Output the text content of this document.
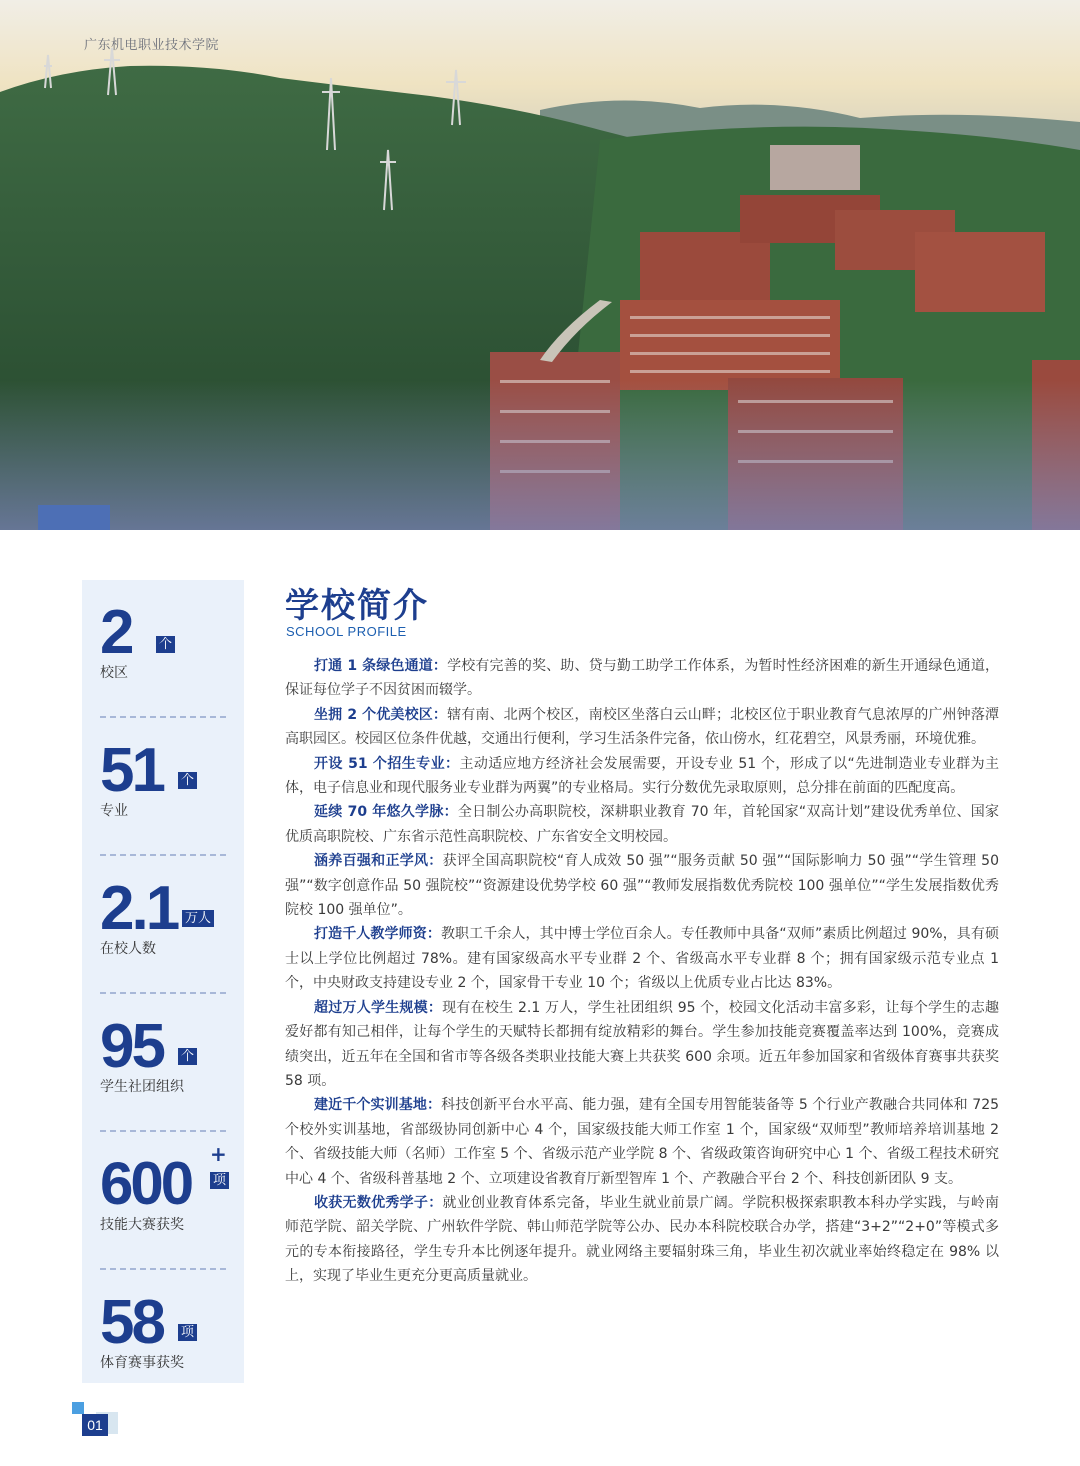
广东机电职业技术学院
2 个
校区
51 个
专业
2.1 万人
在校人数
95 个
学生社团组织
600 +
项
技能大赛获奖
58 项
体育赛事获奖
学校简介
SCHOOL PROFILE

打通 1 条绿色通道：学校有完善的奖、助、贷与勤工助学工作体系，为暂时性经济困难的新生开通绿色通道，保证每位学子不因贫困而辍学。

坐拥 2 个优美校区：辖有南、北两个校区，南校区坐落白云山畔；北校区位于职业教育气息浓厚的广州钟落潭高职园区。校园区位条件优越，交通出行便利，学习生活条件完备，依山傍水，红花碧空，风景秀丽，环境优雅。

开设 51 个招生专业：主动适应地方经济社会发展需要，开设专业 51 个，形成了以“先进制造业专业群为主体，电子信息业和现代服务业专业群为两翼”的专业格局。实行分数优先录取原则，总分排在前面的匹配度高。

延续 70 年悠久学脉：全日制公办高职院校，深耕职业教育 70 年，首轮国家“双高计划”建设优秀单位、国家优质高职院校、广东省示范性高职院校、广东省安全文明校园。

涵养百强和正学风：获评全国高职院校“育人成效 50 强”“服务贡献 50 强”“国际影响力 50 强”“学生管理 50 强”“数字创意作品 50 强院校”“资源建设优势学校 60 强”“教师发展指数优秀院校 100 强单位”“学生发展指数优秀院校 100 强单位”。

打造千人教学师资：教职工千余人，其中博士学位百余人。专任教师中具备“双师”素质比例超过 90%，具有硕士以上学位比例超过 78%。建有国家级高水平专业群 2 个、省级高水平专业群 8 个；拥有国家级示范专业点 1 个，中央财政支持建设专业 2 个，国家骨干专业 10 个；省级以上优质专业占比达 83%。

超过万人学生规模：现有在校生 2.1 万人，学生社团组织 95 个，校园文化活动丰富多彩，让每个学生的志趣爱好都有知己相伴，让每个学生的天赋特长都拥有绽放精彩的舞台。学生参加技能竞赛覆盖率达到 100%，竞赛成绩突出，近五年在全国和省市等各级各类职业技能大赛上共获奖 600 余项。近五年参加国家和省级体育赛事共获奖 58 项。

建近千个实训基地：科技创新平台水平高、能力强，建有全国专用智能装备等 5 个行业产教融合共同体和 725 个校外实训基地，省部级协同创新中心 4 个，国家级技能大师工作室 1 个，国家级“双师型”教师培养培训基地 2 个、省级技能大师（名师）工作室 5 个、省级示范产业学院 8 个、省级政策咨询研究中心 1 个、省级工程技术研究中心 4 个、省级科普基地 2 个、立项建设省教育厅新型智库 1 个、产教融合平台 2 个、科技创新团队 9 支。

收获无数优秀学子：就业创业教育体系完备，毕业生就业前景广阔。学院积极探索职教本科办学实践，与岭南师范学院、韶关学院、广州软件学院、韩山师范学院等公办、民办本科院校联合办学，搭建“3+2”“2+0”等模式多元的专本衔接路径，学生专升本比例逐年提升。就业网络主要辐射珠三角，毕业生初次就业率始终稳定在 98% 以上，实现了毕业生更充分更高质量就业。

01
